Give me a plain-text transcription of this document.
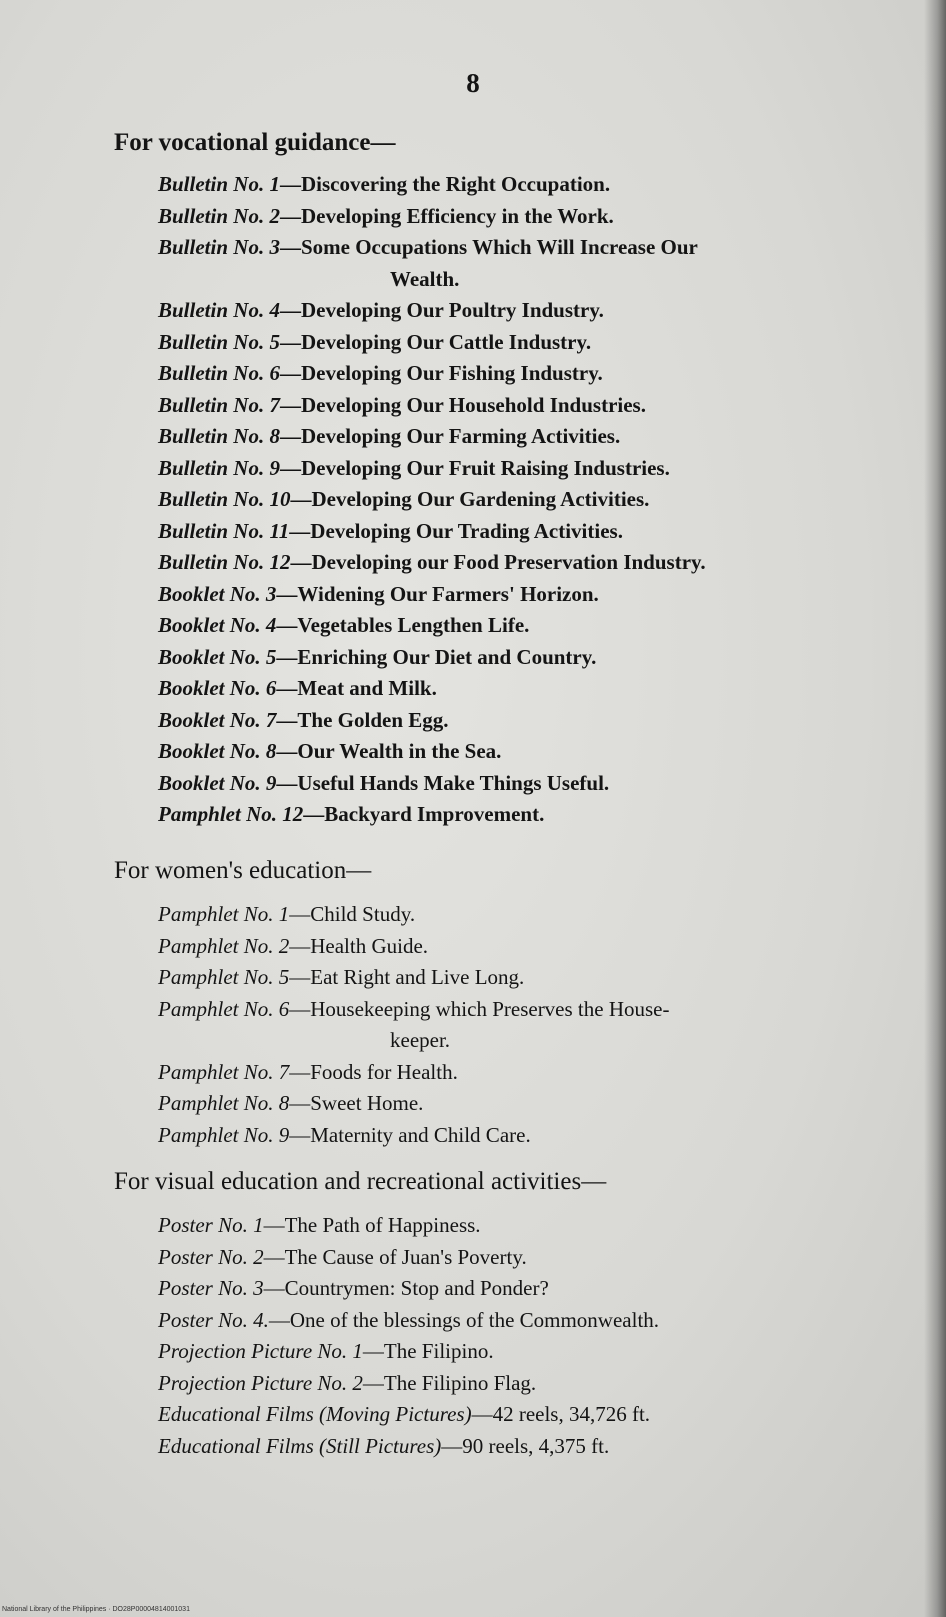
8
For vocational guidance—
Bulletin No. 1—Discovering the Right Occupation.
Bulletin No. 2—Developing Efficiency in the Work.
Bulletin No. 3—Some Occupations Which Will Increase Our
Wealth.
Bulletin No. 4—Developing Our Poultry Industry.
Bulletin No. 5—Developing Our Cattle Industry.
Bulletin No. 6—Developing Our Fishing Industry.
Bulletin No. 7—Developing Our Household Industries.
Bulletin No. 8—Developing Our Farming Activities.
Bulletin No. 9—Developing Our Fruit Raising Industries.
Bulletin No. 10—Developing Our Gardening Activities.
Bulletin No. 11—Developing Our Trading Activities.
Bulletin No. 12—Developing our Food Preservation Industry.
Booklet No. 3—Widening Our Farmers' Horizon.
Booklet No. 4—Vegetables Lengthen Life.
Booklet No. 5—Enriching Our Diet and Country.
Booklet No. 6—Meat and Milk.
Booklet No. 7—The Golden Egg.
Booklet No. 8—Our Wealth in the Sea.
Booklet No. 9—Useful Hands Make Things Useful.
Pamphlet No. 12—Backyard Improvement.
For women's education—
Pamphlet No. 1—Child Study.
Pamphlet No. 2—Health Guide.
Pamphlet No. 5—Eat Right and Live Long.
Pamphlet No. 6—Housekeeping which Preserves the House-
keeper.
Pamphlet No. 7—Foods for Health.
Pamphlet No. 8—Sweet Home.
Pamphlet No. 9—Maternity and Child Care.
For visual education and recreational activities—
Poster No. 1—The Path of Happiness.
Poster No. 2—The Cause of Juan's Poverty.
Poster No. 3—Countrymen: Stop and Ponder?
Poster No. 4.—One of the blessings of the Commonwealth.
Projection Picture No. 1—The Filipino.
Projection Picture No. 2—The Filipino Flag.
Educational Films (Moving Pictures)—42 reels, 34,726 ft.
Educational Films (Still Pictures)—90 reels, 4,375 ft.
National Library of the Philippines · DO28P00004814001031
